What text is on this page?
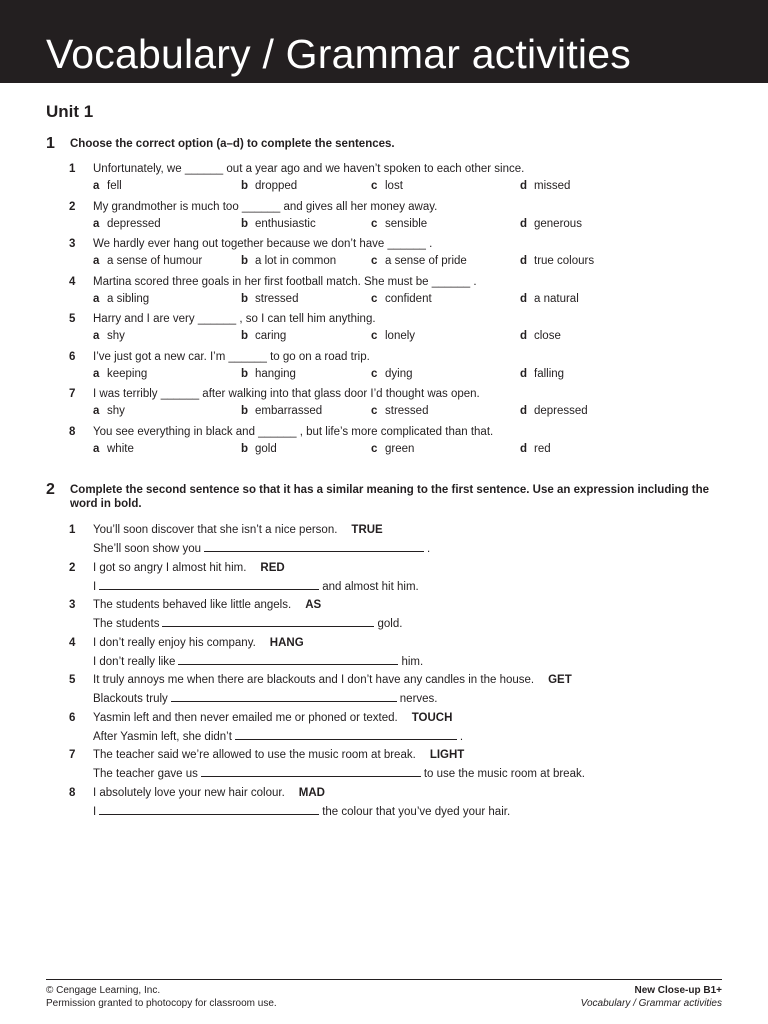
Vocabulary / Grammar activities
Unit 1
1 Choose the correct option (a–d) to complete the sentences.
1 Unfortunately, we ______ out a year ago and we haven’t spoken to each other since.
a fell	b dropped	c lost	d missed
2 My grandmother is much too ______ and gives all her money away.
a depressed	b enthusiastic	c sensible	d generous
3 We hardly ever hang out together because we don’t have ______ .
a a sense of humour	b a lot in common	c a sense of pride	d true colours
4 Martina scored three goals in her first football match. She must be ______ .
a a sibling	b stressed	c confident	d a natural
5 Harry and I are very ______ , so I can tell him anything.
a shy	b caring	c lonely	d close
6 I’ve just got a new car. I’m ______ to go on a road trip.
a keeping	b hanging	c dying	d falling
7 I was terribly ______ after walking into that glass door I’d thought was open.
a shy	b embarrassed	c stressed	d depressed
8 You see everything in black and ______ , but life’s more complicated than that.
a white	b gold	c green	d red
2 Complete the second sentence so that it has a similar meaning to the first sentence. Use an expression including the word in bold.
1 You’ll soon discover that she isn’t a nice person. TRUE
She’ll soon show you	.
2 I got so angry I almost hit him. RED
I	and almost hit him.
3 The students behaved like little angels. AS
The students	gold.
4 I don’t really enjoy his company. HANG
I don’t really like	him.
5 It truly annoys me when there are blackouts and I don’t have any candles in the house. GET
Blackouts truly	nerves.
6 Yasmin left and then never emailed me or phoned or texted. TOUCH
After Yasmin left, she didn’t	.
7 The teacher said we’re allowed to use the music room at break. LIGHT
The teacher gave us	to use the music room at break.
8 I absolutely love your new hair colour. MAD
I	the colour that you’ve dyed your hair.
© Cengage Learning, Inc.
Permission granted to photocopy for classroom use.
New Close-up B1+
Vocabulary / Grammar activities
